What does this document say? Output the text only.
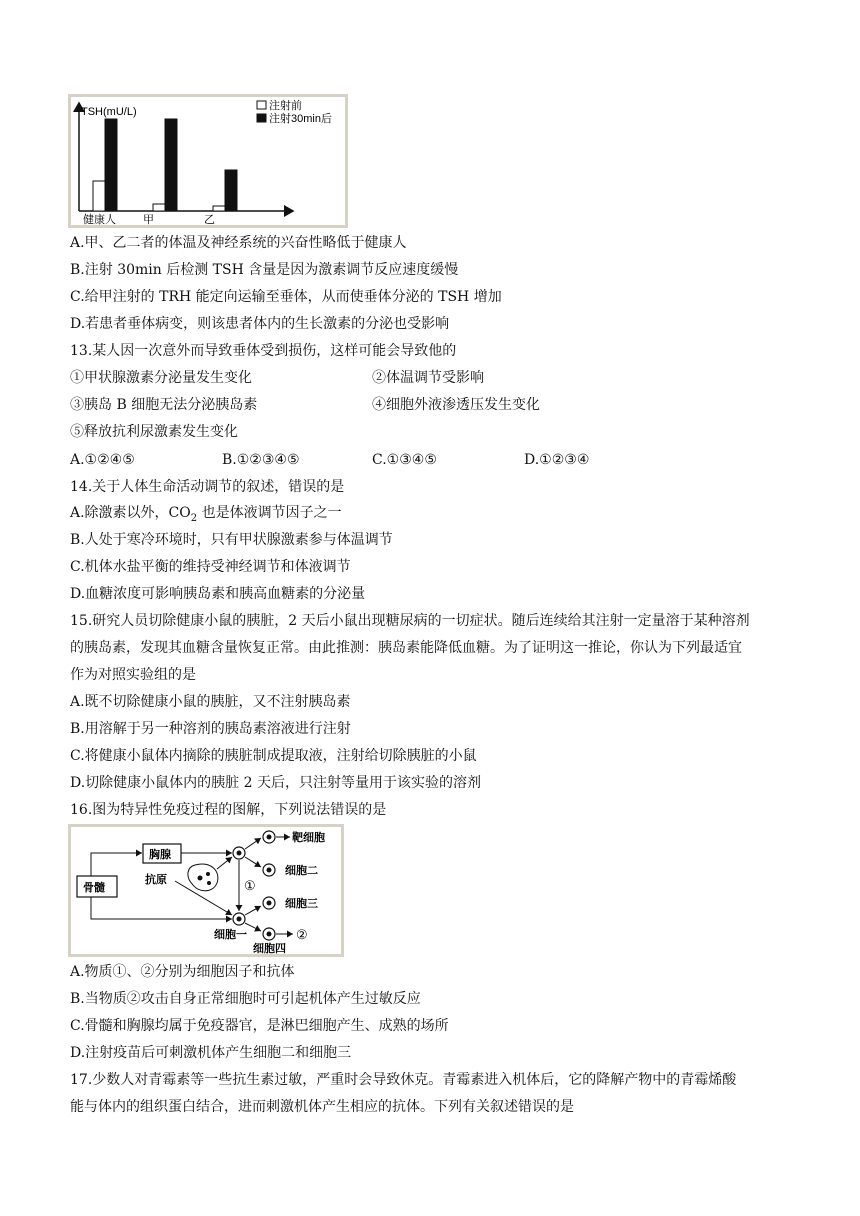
TSH(mU/L)	注射前
注射30min后
健康人 甲	乙
A.甲、乙二者的体温及神经系统的兴奋性略低于健康人
B.注射 30min 后检测 TSH 含量是因为激素调节反应速度缓慢
C.给甲注射的 TRH 能定向运输至垂体，从而使垂体分泌的 TSH 增加
D.若患者垂体病变，则该患者体内的生长激素的分泌也受影响
13.某人因一次意外而导致垂体受到损伤，这样可能会导致他的
①甲状腺激素分泌量发生变化	②体温调节受影响
③胰岛 B 细胞无法分泌胰岛素	④细胞外液渗透压发生变化
⑤释放抗利尿激素发生变化
A.①②④⑤	B.①②③④⑤	C.①③④⑤	D.①②③④
14.关于人体生命活动调节的叙述，错误的是
A.除激素以外，$CO_2$ 也是体液调节因子之一
B.人处于寒冷环境时，只有甲状腺激素参与体温调节
C.机体水盐平衡的维持受神经调节和体液调节
D.血糖浓度可影响胰岛素和胰高血糖素的分泌量
15.研究人员切除健康小鼠的胰脏，2 天后小鼠出现糖尿病的一切症状。随后连续给其注射一定量溶于某种溶剂
的胰岛素，发现其血糖含量恢复正常。由此推测：胰岛素能降低血糖。为了证明这一推论，你认为下列最适宜
作为对照实验组的是
A.既不切除健康小鼠的胰脏，又不注射胰岛素
B.用溶解于另一种溶剂的胰岛素溶液进行注射
C.将健康小鼠体内摘除的胰脏制成提取液，注射给切除胰脏的小鼠
D.切除健康小鼠体内的胰脏 2 天后，只注射等量用于该实验的溶剂
16.图为特异性免疫过程的图解，下列说法错误的是
骨髓
胸腺
抗原	①
靶细胞
细胞二
细胞一
细胞三
②
细胞四
A.物质①、②分别为细胞因子和抗体
B.当物质②攻击自身正常细胞时可引起机体产生过敏反应
C.骨髓和胸腺均属于免疫器官，是淋巴细胞产生、成熟的场所
D.注射疫苗后可刺激机体产生细胞二和细胞三
17.少数人对青霉素等一些抗生素过敏，严重时会导致休克。青霉素进入机体后，它的降解产物中的青霉烯酸
能与体内的组织蛋白结合，进而刺激机体产生相应的抗体。下列有关叙述错误的是
